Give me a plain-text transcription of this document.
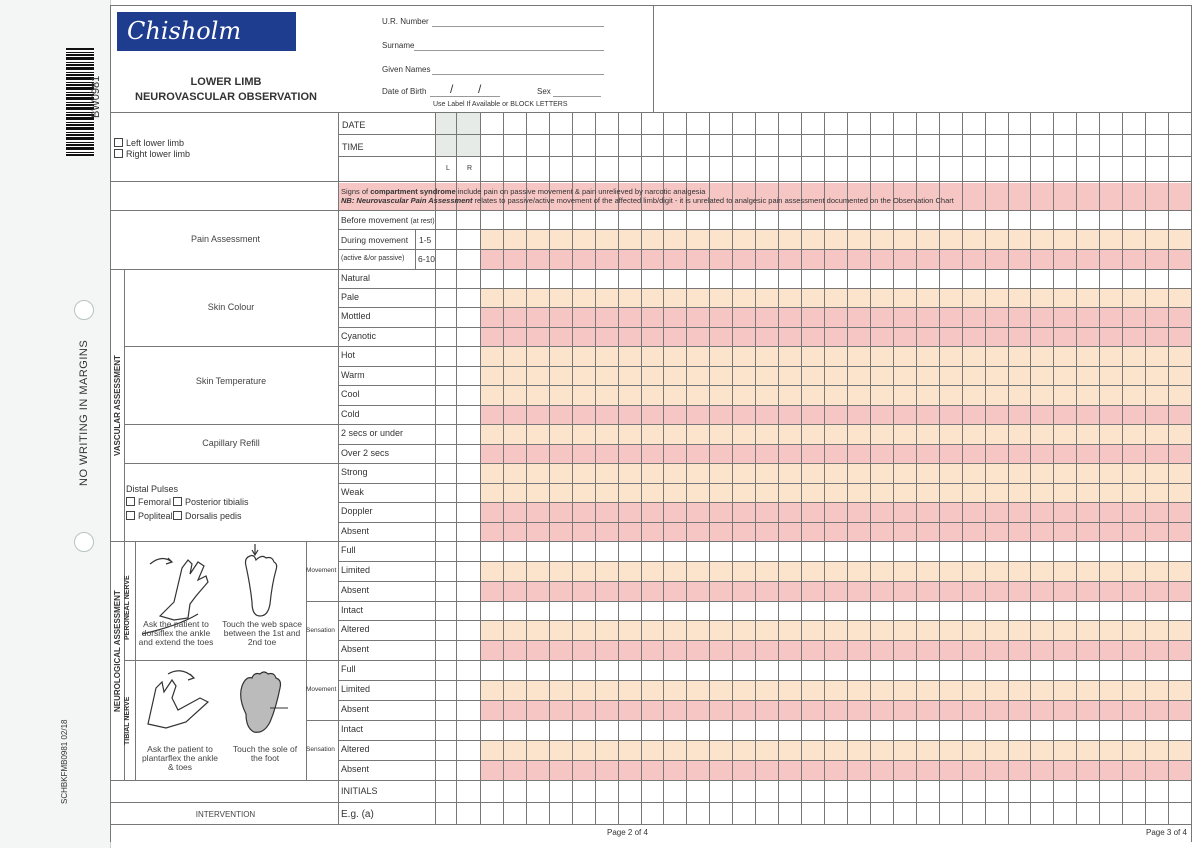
BW0981
NO WRITING IN MARGINS
SCHBKFMB0981 02/18
Chisholm
LOWER LIMB
NEUROVASCULAR OBSERVATION
U.R. Number
Surname
Given Names
Date of Birth / /	Sex
Use Label If Available or BLOCK LETTERS
Left lower limb
Right lower limb
DATE
TIME
L R
Signs of compartment syndrome include pain on passive movement & pain unrelieved by narcotic analgesia
NB: Neurovascular Pain Assessment relates to passive/active movement of the affected limb/digit - it is unrelated to analgesic pain assessment documented on the Observation Chart
Pain Assessment
Before movement (at rest)
During movement 1-5
(active &/or passive) 6-10
VASCULAR ASSESSMENT
Skin Colour
Skin Temperature
Capillary Refill
Distal Pulses
Femoral	Posterior tibialis
Popliteal	Dorsalis pedis
NEUROLOGICAL ASSESSMENT PERONEAL NERVE
TIBIAL NERVE
Movement
Sensation
Movement
Sensation
Ask the patient to dorsiflex the ankle and extend the toes
Touch the web space between the 1st and 2nd toe
Ask the patient to plantarflex the ankle & toes
Touch the sole of the foot
Natural
Pale
Mottled
Cyanotic
Hot
Warm
Cool
Cold
2 secs or under
Over 2 secs
Strong
Weak
Doppler
Absent
Full
Limited
Absent
Intact
Altered
Absent
Full
Limited
Absent
Intact
Altered
Absent
INITIALS
INTERVENTION	E.g. (a)
Page 2 of 4	Page 3 of 4
